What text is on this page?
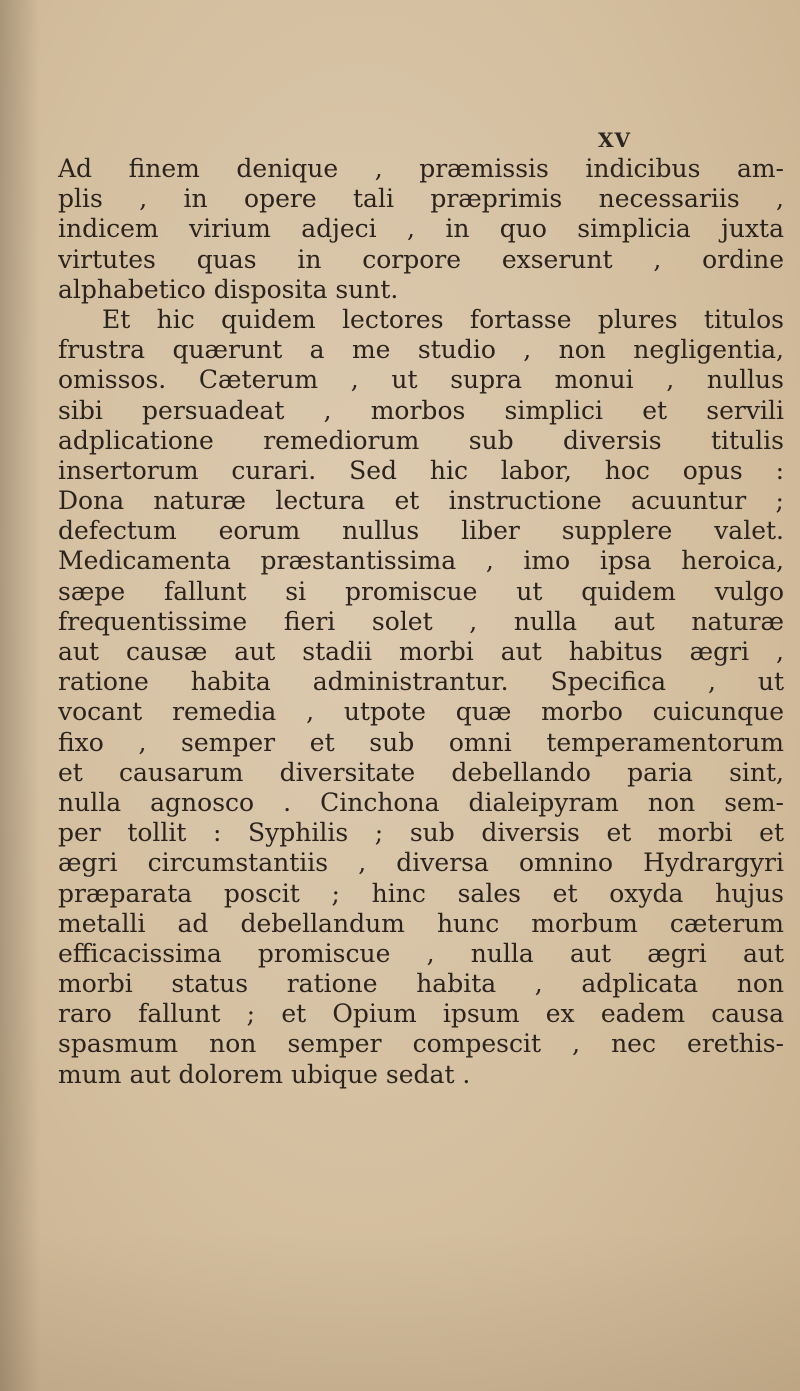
XV
Ad finem denique , præmissis indicibus am-
plis , in opere tali præprimis necessariis ,
indicem virium adjeci , in quo simplicia juxta
virtutes quas in corpore exserunt , ordine
alphabetico disposita sunt.
Et hic quidem lectores fortasse plures titulos
frustra quærunt a me studio , non negligentia,
omissos. Cæterum , ut supra monui , nullus
sibi persuadeat , morbos simplici et servili
adplicatione remediorum sub diversis titulis
insertorum curari. Sed hic labor, hoc opus :
Dona naturæ lectura et instructione acuuntur ;
defectum eorum nullus liber supplere valet.
Medicamenta præstantissima , imo ipsa heroica,
sæpe fallunt si promiscue ut quidem vulgo
frequentissime fieri solet , nulla aut naturæ
aut causæ aut stadii morbi aut habitus ægri ,
ratione habita administrantur. Specifica , ut
vocant remedia , utpote quæ morbo cuicunque
fixo , semper et sub omni temperamentorum
et causarum diversitate debellando paria sint,
nulla agnosco . Cinchona dialeipyram non sem-
per tollit : Syphilis ; sub diversis et morbi et
ægri circumstantiis , diversa omnino Hydrargyri
præparata poscit ; hinc sales et oxyda hujus
metalli ad debellandum hunc morbum cæterum
efficacissima promiscue , nulla aut ægri aut
morbi status ratione habita , adplicata non
raro fallunt ; et Opium ipsum ex eadem causa
spasmum non semper compescit , nec erethis-
mum aut dolorem ubique sedat .
